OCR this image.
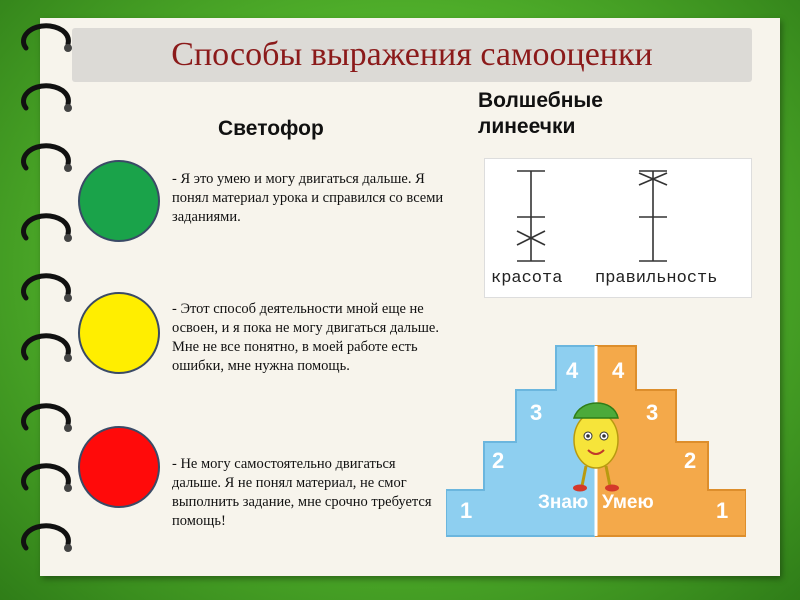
Способы выражения самооценки
Светофор
Волшебные линеечки
- Я это умею и могу двигаться дальше. Я понял материал урока и справился со всеми заданиями.
- Этот способ деятельности мной еще не освоен, и я пока не могу двигаться дальше. Мне не все понятно, в моей работе есть ошибки, мне нужна помощь.
- Не могу самостоятельно двигаться дальше. Я не понял материал, не смог выполнить задание, мне срочно требуется помощь!
красота правильность
1
2
3
4 4
3
2
1
Знаю Умею
